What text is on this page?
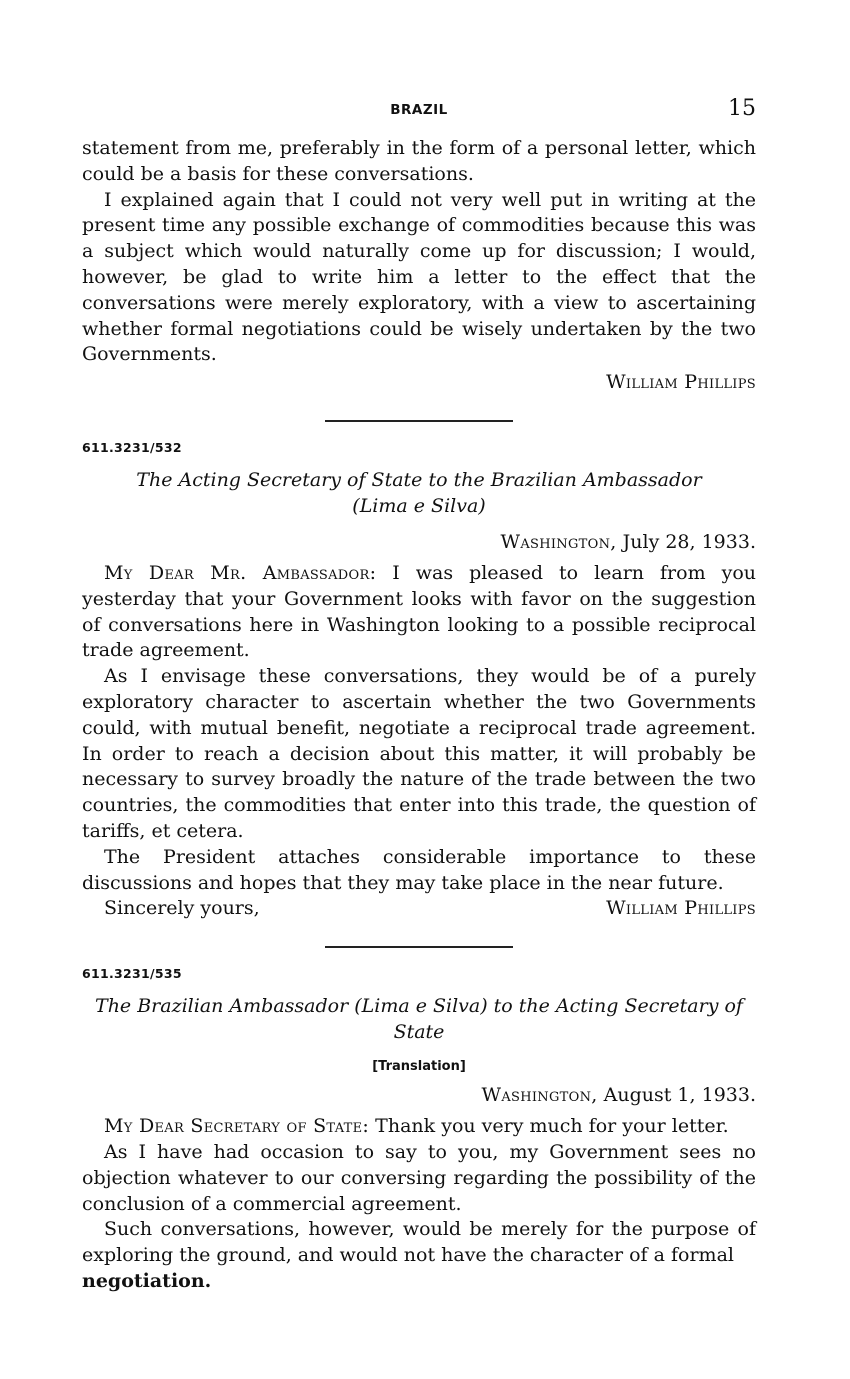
BRAZIL	15

statement from me, preferably in the form of a personal letter, which could be a basis for these conversations.

I explained again that I could not very well put in writing at the present time any possible exchange of commodities because this was a subject which would naturally come up for discussion; I would, however, be glad to write him a letter to the effect that the conversations were merely exploratory, with a view to ascertaining whether formal negotiations could be wisely undertaken by the two Governments.

William Phillips
611.3231/532
The Acting Secretary of State to the Brazilian Ambassador
(Lima e Silva)
Washington, July 28, 1933.

My Dear Mr. Ambassador: I was pleased to learn from you yesterday that your Government looks with favor on the suggestion of conversations here in Washington looking to a possible reciprocal trade agreement.

As I envisage these conversations, they would be of a purely exploratory character to ascertain whether the two Governments could, with mutual benefit, negotiate a reciprocal trade agreement. In order to reach a decision about this matter, it will probably be necessary to survey broadly the nature of the trade between the two countries, the commodities that enter into this trade, the question of tariffs, et cetera.

The President attaches considerable importance to these discussions and hopes that they may take place in the near future.

Sincerely yours,	William Phillips
611.3231/535
The Brazilian Ambassador (Lima e Silva) to the Acting Secretary of
State
[Translation]
Washington, August 1, 1933.

My Dear Secretary of State: Thank you very much for your letter.

As I have had occasion to say to you, my Government sees no objection whatever to our conversing regarding the possibility of the conclusion of a commercial agreement.

Such conversations, however, would be merely for the purpose of exploring the ground, and would not have the character of a formal

negotiation.
